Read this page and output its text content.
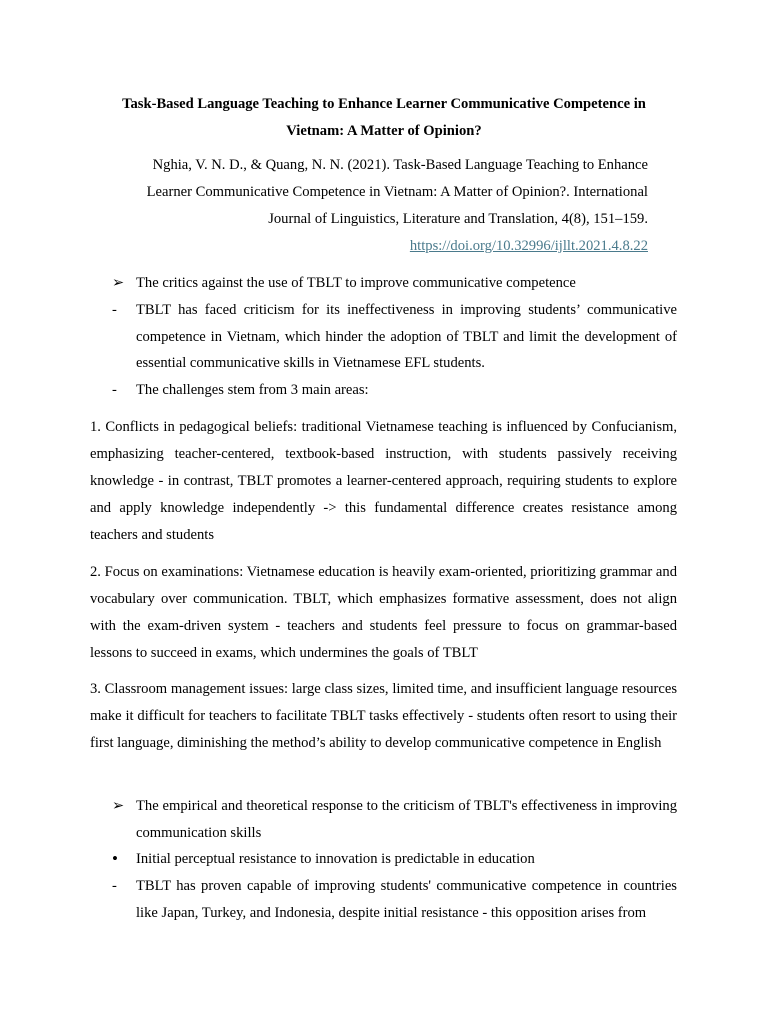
Task-Based Language Teaching to Enhance Learner Communicative Competence in Vietnam: A Matter of Opinion?

Nghia, V. N. D., & Quang, N. N. (2021). Task-Based Language Teaching to Enhance Learner Communicative Competence in Vietnam: A Matter of Opinion?. International Journal of Linguistics, Literature and Translation, 4(8), 151–159.
https://doi.org/10.32996/ijllt.2021.4.8.22

➢ The critics against the use of TBLT to improve communicative competence
-	TBLT has faced criticism for its ineffectiveness in improving students’ communicative competence in Vietnam, which hinder the adoption of TBLT and limit the development of essential communicative skills in Vietnamese EFL students.
-	The challenges stem from 3 main areas:

1. Conflicts in pedagogical beliefs: traditional Vietnamese teaching is influenced by Confucianism, emphasizing teacher-centered, textbook-based instruction, with students passively receiving knowledge - in contrast, TBLT promotes a learner-centered approach, requiring students to explore and apply knowledge independently -> this fundamental difference creates resistance among teachers and students

2. Focus on examinations: Vietnamese education is heavily exam-oriented, prioritizing grammar and vocabulary over communication. TBLT, which emphasizes formative assessment, does not align with the exam-driven system - teachers and students feel pressure to focus on grammar-based lessons to succeed in exams, which undermines the goals of TBLT

3. Classroom management issues: large class sizes, limited time, and insufficient language resources make it difficult for teachers to facilitate TBLT tasks effectively - students often resort to using their first language, diminishing the method’s ability to develop communicative competence in English

➢ The empirical and theoretical response to the criticism of TBLT's effectiveness in improving communication skills
•	Initial perceptual resistance to innovation is predictable in education
-	TBLT has proven capable of improving students' communicative competence in countries like Japan, Turkey, and Indonesia, despite initial resistance - this opposition arises from
